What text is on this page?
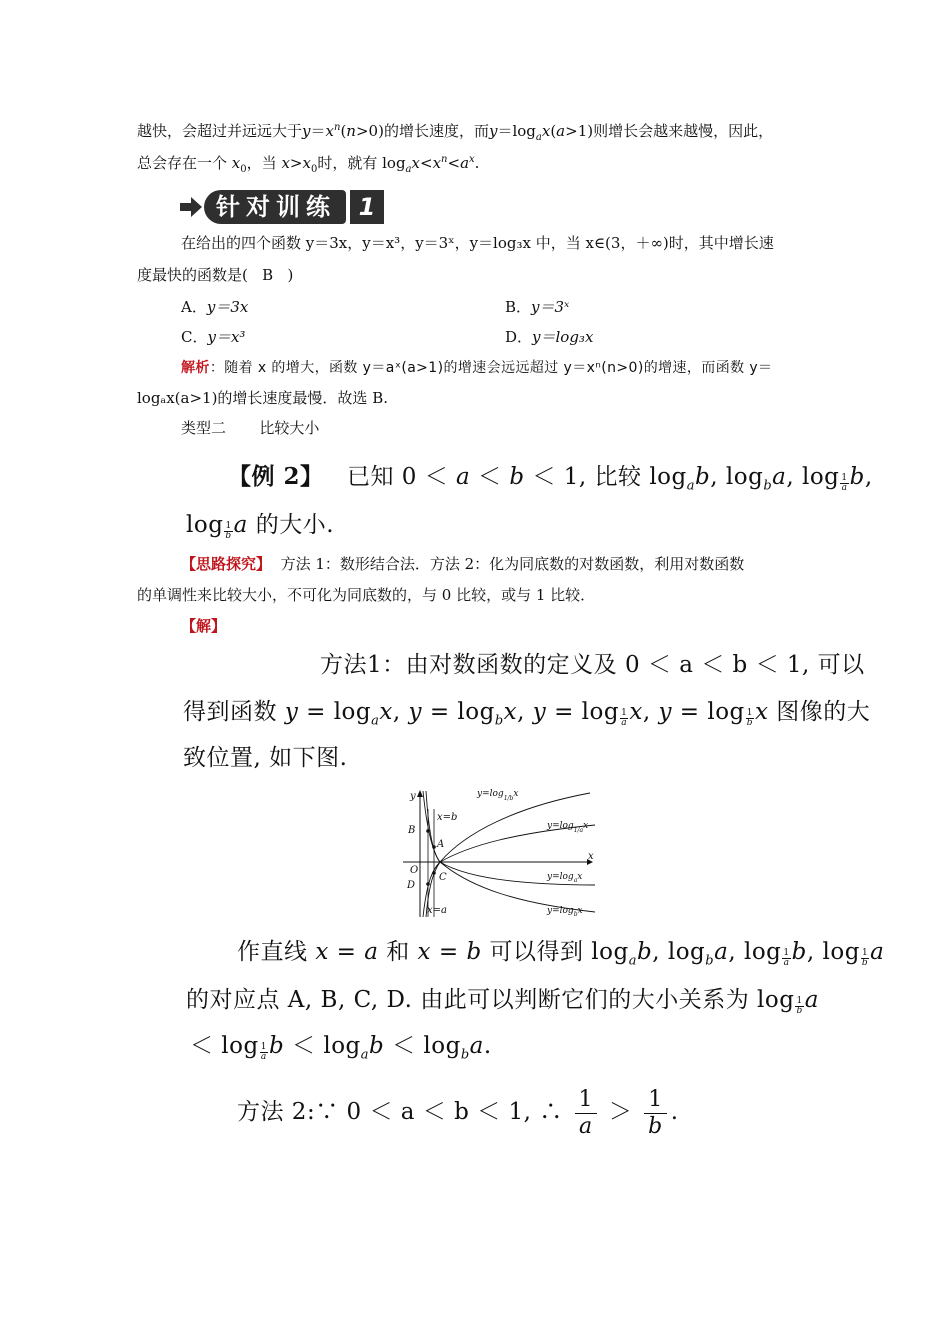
越快，会超过并远远大于$y=x^n(n>0)$的增长速度，而$y=\log_ax(a>1)$则增长会越来越慢，因此，
总会存在一个 $x_0$，当 $x>x_0$时，就有 $\log_ax<x^n<a^x$.
针对训练 1
在给出的四个函数 y＝3x，y＝x³，y＝3ˣ，y＝log₃x 中，当 x∈(3，＋∞)时，其中增长速
度最快的函数是( B )
A．y＝3x	B．y＝3ˣ
C．y＝x³	D．y＝log₃x
解析：随着 x 的增大，函数 y＝aˣ(a>1)的增速会远远超过 y＝xⁿ(n>0)的增速，而函数 y＝
logₐx(a>1)的增长速度最慢．故选 B.
类型二 比较大小
【例 2】 已知 0 ＜ a ＜ b ＜ 1, 比较 $\log_ab$, $\log_ba$, $\log \frac{1}{a} b$,
$\log \frac{1}{b}$ a 的大小.
【思路探究】 方法 1：数形结合法．方法 2：化为同底数的对数函数，利用对数函数
的单调性来比较大小，不可化为同底数的，与 0 比较，或与 1 比较．
【解】
方法1：由对数函数的定义及 0 ＜ a ＜ b ＜ 1, 可以
得到函数 $y = \log_ax$, $y = \log_bx$, $y = \log \frac{1}{a} x$, $y = \log \frac{1}{b}$ x 图像的大
致位置, 如下图.
y
x
O
B
A
C
D
x=b
x=a
$y=\log_{1/b}x$
$y=\log_{1/a}x$
$y=\log_ax$
$y=\log_bx$
作直线 x = a 和 x = b 可以得到 $\log_ab$, $\log_ba$, $\log \frac{1}{a} b$, $\log \frac{1}{b}$ a
的对应点 A, B, C, D. 由此可以判断它们的大小关系为 $\log \frac{1}{b}$ a
＜ $\log \frac{1}{a}$ $b < \log_ab < \log_ba$.
方法 2:∵ 0 ＜ a ＜ b ＜ 1, ∴ $\frac{1}{a} > \frac{1}{b}$ .
